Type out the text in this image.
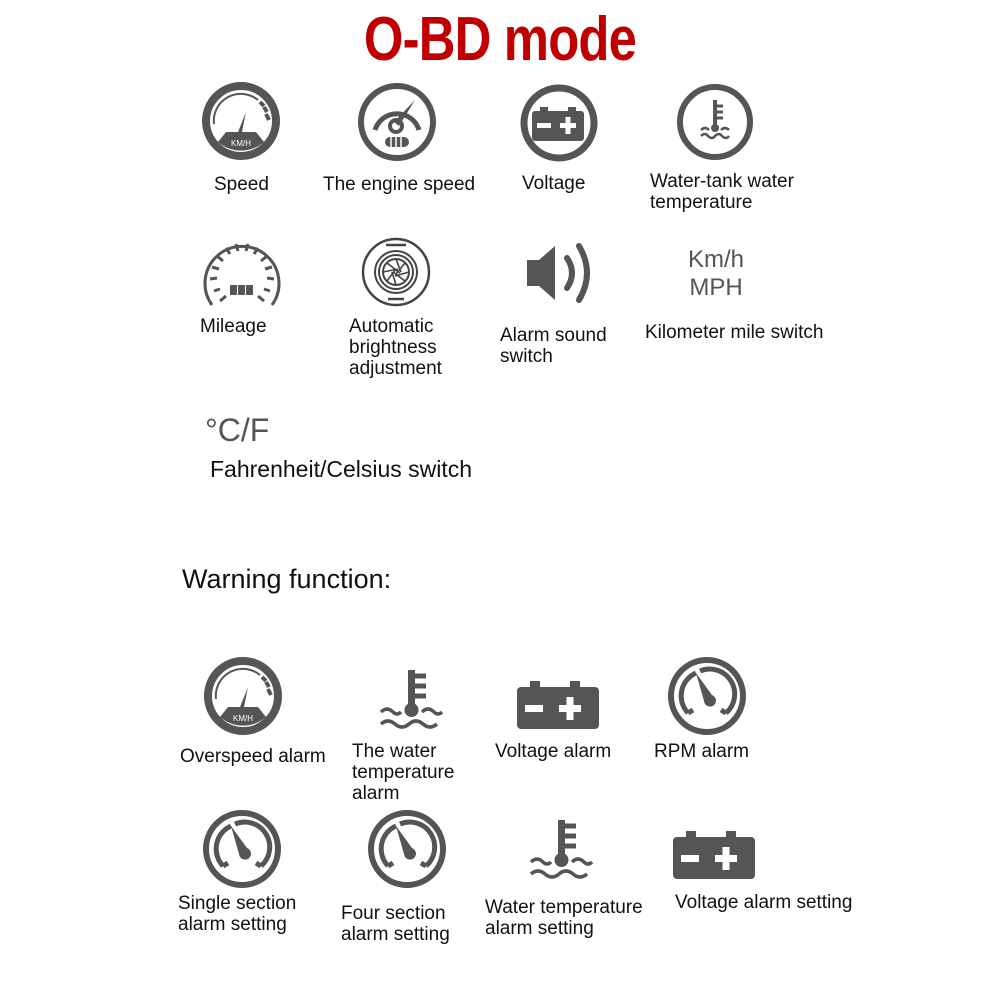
O-BD mode
KM/H
Speed	The engine speed Voltage	Water-tank water
temperature
Mileage	Automatic
brightness
adjustment
Alarm sound
switch
Km/h
MPH
Kilometer mile switch
°C/F
Fahrenheit/Celsius switch
Warning function:
KM/H
Overspeed alarm The water
temperature
alarm
Voltage alarm RPM alarm
Single section
alarm setting
Four section
alarm setting
Water temperature
alarm setting
Voltage alarm setting
